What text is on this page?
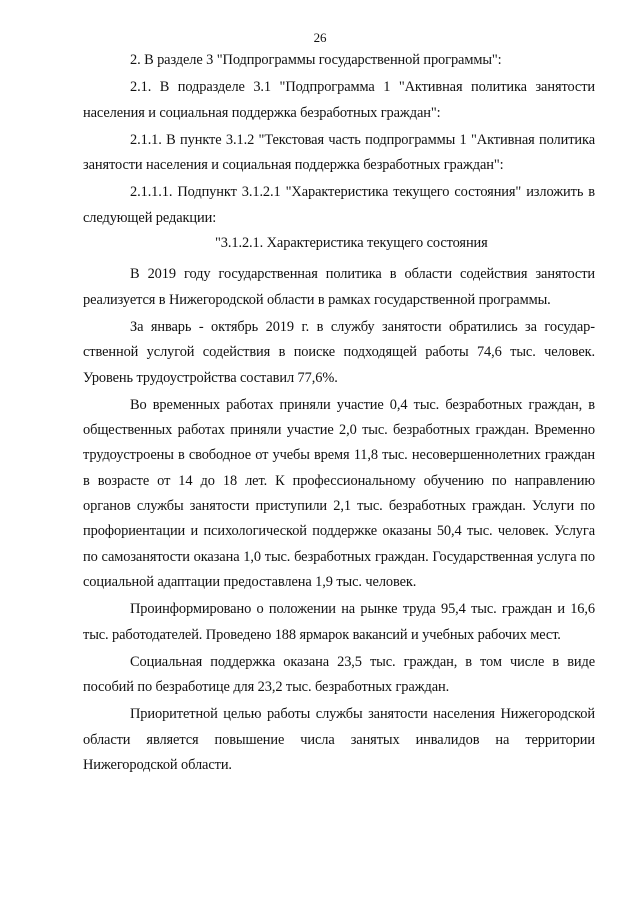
26

2. В разделе 3 "Подпрограммы государственной программы":

2.1. В подразделе 3.1 "Подпрограмма 1 "Активная политика занятости населения и социальная поддержка безработных граждан":

2.1.1. В пункте 3.1.2 "Текстовая часть подпрограммы 1 "Активная политика занятости населения и социальная поддержка безработных граждан":

2.1.1.1. Подпункт 3.1.2.1 "Характеристика текущего состояния" изложить в следующей редакции:

"3.1.2.1. Характеристика текущего состояния

В 2019 году государственная политика в области содействия занятости реализуется в Нижегородской области в рамках государственной программы.

За январь - октябрь 2019 г. в службу занятости обратились за государственной услугой содействия в поиске подходящей работы 74,6 тыс. человек. Уровень трудоустройства составил 77,6%.

Во временных работах приняли участие 0,4 тыс. безработных граждан, в общественных работах приняли участие 2,0 тыс. безработных граждан. Временно трудоустроены в свободное от учебы время 11,8 тыс. несовершеннолетних граждан в возрасте от 14 до 18 лет. К профессиональному обучению по направлению органов службы занятости приступили 2,1 тыс. безработных граждан. Услуги по профориентации и психологической поддержке оказаны 50,4 тыс. человек. Услуга по самозанятости оказана 1,0 тыс. безработных граждан. Государственная услуга по социальной адаптации предоставлена 1,9 тыс. человек.

Проинформировано о положении на рынке труда 95,4 тыс. граждан и 16,6 тыс. работодателей. Проведено 188 ярмарок вакансий и учебных рабочих мест.

Социальная поддержка оказана 23,5 тыс. граждан, в том числе в виде пособий по безработице для 23,2 тыс. безработных граждан.

Приоритетной целью работы службы занятости населения Нижегородской области является повышение числа занятых инвалидов на территории Нижегородской области.
